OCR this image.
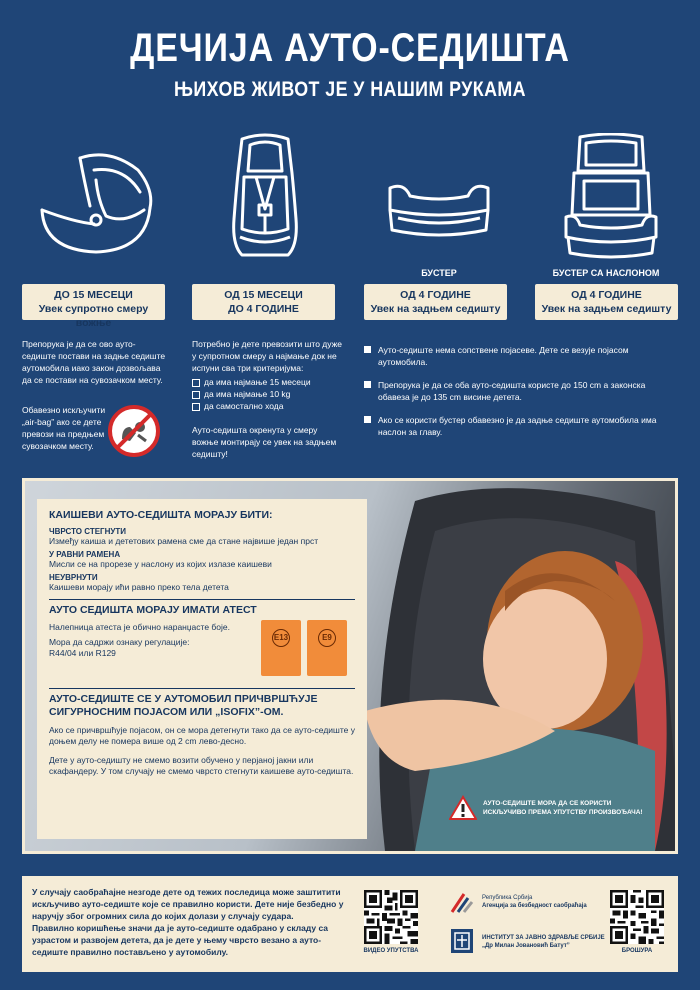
ДЕЧИЈА АУТО-СЕДИШТА
ЊИХОВ ЖИВОТ ЈЕ У НАШИМ РУКАМА
БУСТЕР	БУСТЕР СА НАСЛОНОМ
ДО 15 МЕСЕЦИ
Увек супротно смеру вожње
ОД 15 МЕСЕЦИ
ДО 4 ГОДИНЕ
ОД 4 ГОДИНЕ
Увек на задњем седишту
ОД 4 ГОДИНЕ
Увек на задњем седишту

Препорука је да се ово ауто-седиште постави на задње седиште аутомобила иако закон дозвољава да се постави на сувозачком месту.

Обавезно искључити „air-bag” ако се дете превози на предњем сувозачком месту.

Потребно је дете превозити што дуже у супротном смеру а најмање док не испуни сва три критеријума:

да има најмање 15 месеци
да има најмање 10 kg
да самостално хода

Ауто-седишта окренута у смеру вожње монтирају се увек на задњем седишту!

Ауто-седиште нема сопствене појасеве. Дете се везује појасом аутомобила.
Препорука је да се оба ауто-седишта користе до 150 cm а законска обавеза је до 135 cm висине детета.
Ако се користи бустер обавезно је да задње седиште аутомобила има наслон за главу.
КАИШЕВИ АУТО-СЕДИШТА МОРАЈУ БИТИ:
ЧВРСТО СТЕГНУТИ
Између каиша и дететових рамена сме да стане највише један прст
У РАВНИ РАМЕНА
Мисли се на прорезе у наслону из којих излазе каишеви
НЕУВРНУТИ
Каишеви морају ићи равно преко тела детета
АУТО СЕДИШТА МОРАЈУ ИМАТИ АТЕСТ
Налепница атеста је обично наранџасте боје.
Мора да садржи ознаку регулације:
R44/04 или R129
E13	E9
АУТО-СЕДИШТЕ СЕ У АУТОМОБИЛ ПРИЧВРШЋУЈЕ СИГУРНОСНИМ ПОЈАСОМ ИЛИ „ISOFIX”-ОМ.
Ако се причвршћује појасом, он се мора детегнути тако да се ауто-седиште у доњем делу не помера више од 2 cm лево-десно.
Дете у ауто-седишту не смемо возити обучено у перјаној јакни или скафандеру. У том случају не смемо чврсто стегнути каишеве ауто-седишта.
АУТО-СЕДИШТЕ МОРА ДА СЕ КОРИСТИ ИСКЉУЧИВО ПРЕМА УПУТСТВУ ПРОИЗВОЂАЧА!
У случају саобраћајне незгоде дете од тежих последица може заштитити искључиво ауто-седиште које се правилно користи. Дете није безбедно у наручју због огромних сила до којих долази у случају судара.
Правилно коришћење значи да је ауто-седиште одабрано у складу са узрастом и развојем детета, да је дете у њему чврсто везано а ауто-седиште правилно постављено у аутомобилу.	ВИДЕО УПУТСТВА
Република Србија
Агенција за безбедност саобраћаја
ИНСТИТУТ ЗА ЈАВНО ЗДРАВЉЕ СРБИЈЕ
„Др Милан Јовановић Батут”
БРОШУРА
